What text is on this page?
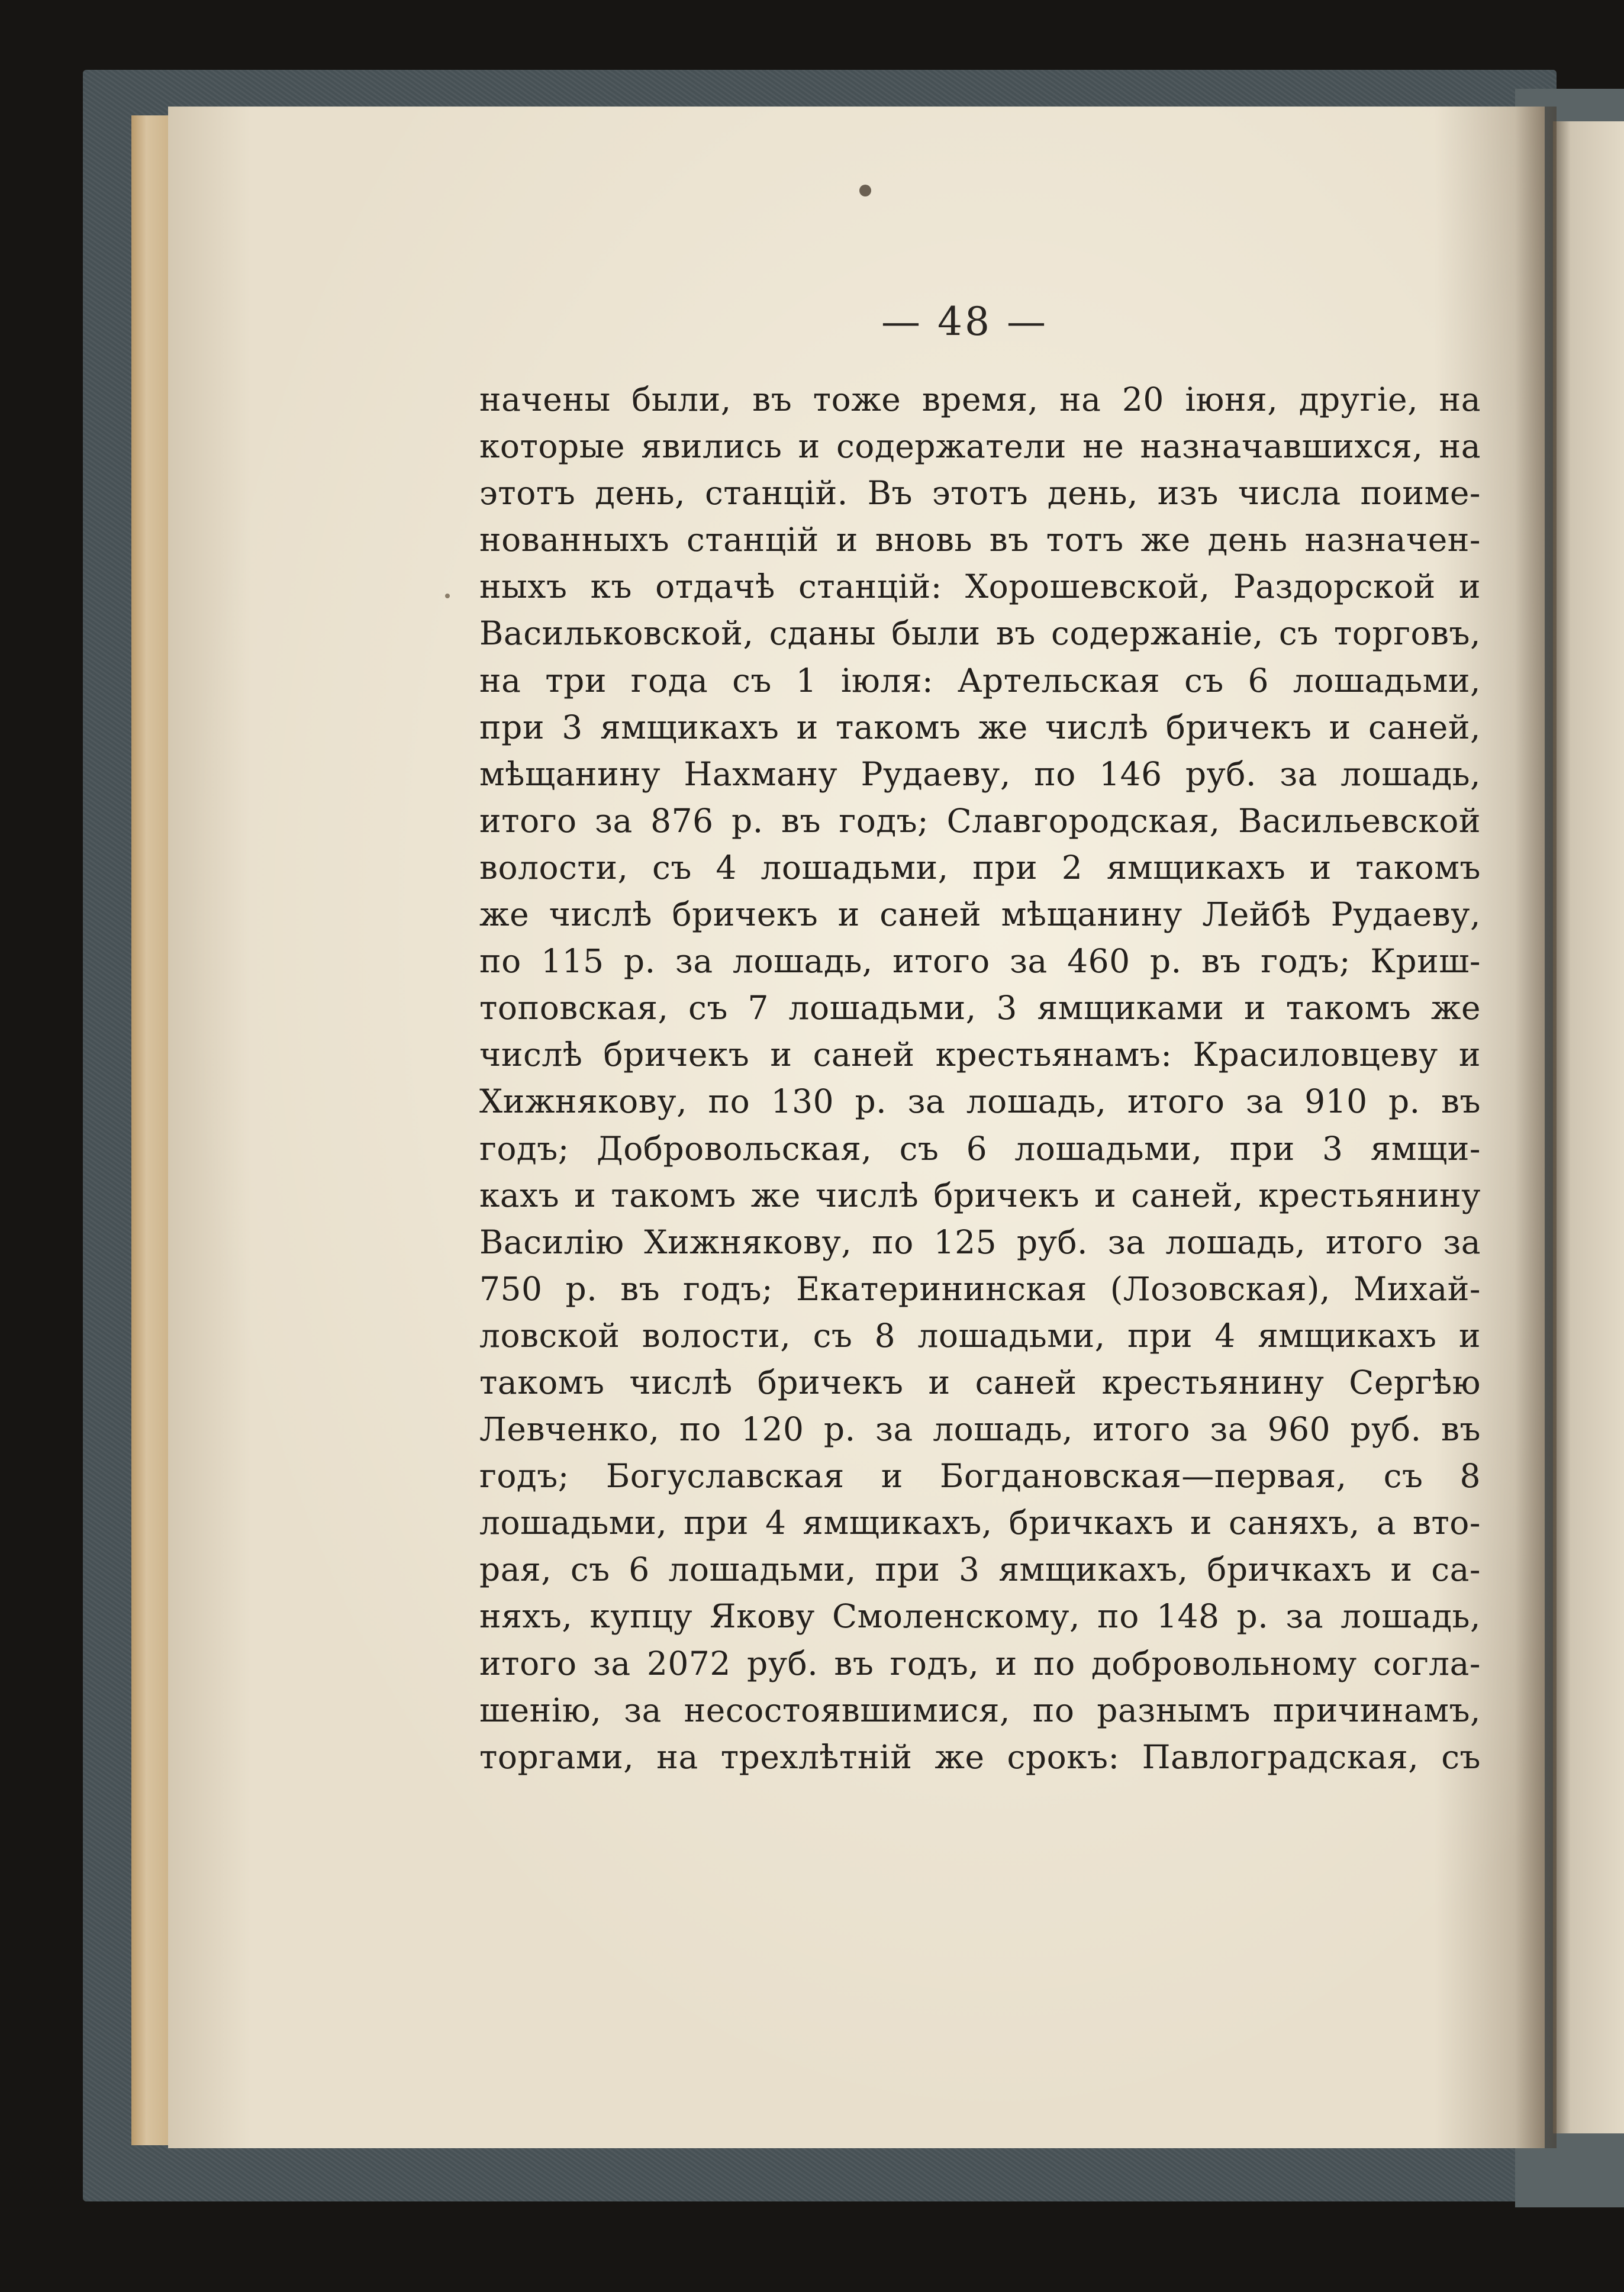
— 48 —
начены были, въ тоже время, на 20 іюня, другіе, на
которые явились и содержатели не назначавшихся, на
этотъ день, станцій. Въ этотъ день, изъ числа поиме-
нованныхъ станцій и вновь въ тотъ же день назначен-
ныхъ къ отдачѣ станцій: Хорошевской, Раздорской и
Васильковской, сданы были въ содержаніе, съ торговъ,
на три года съ 1 іюля: Артельская съ 6 лошадьми,
при 3 ямщикахъ и такомъ же числѣ бричекъ и саней,
мѣщанину Нахману Рудаеву, по 146 руб. за лошадь,
итого за 876 р. въ годъ; Славгородская, Васильевской
волости, съ 4 лошадьми, при 2 ямщикахъ и такомъ
же числѣ бричекъ и саней мѣщанину Лейбѣ Рудаеву,
по 115 р. за лошадь, итого за 460 р. въ годъ; Криш-
топовская, съ 7 лошадьми, 3 ямщиками и такомъ же
числѣ бричекъ и саней крестьянамъ: Красиловцеву и
Хижнякову, по 130 р. за лошадь, итого за 910 р. въ
годъ; Добровольская, съ 6 лошадьми, при 3 ямщи-
кахъ и такомъ же числѣ бричекъ и саней, крестьянину
Василію Хижнякову, по 125 руб. за лошадь, итого за
750 р. въ годъ; Екатерининская (Лозовская), Михай-
ловской волости, съ 8 лошадьми, при 4 ямщикахъ и
такомъ числѣ бричекъ и саней крестьянину Сергѣю
Левченко, по 120 р. за лошадь, итого за 960 руб. въ
годъ; Богуславская и Богдановская—первая, съ 8
лошадьми, при 4 ямщикахъ, бричкахъ и саняхъ, а вто-
рая, съ 6 лошадьми, при 3 ямщикахъ, бричкахъ и са-
няхъ, купцу Якову Смоленскому, по 148 р. за лошадь,
итого за 2072 руб. въ годъ, и по добровольному согла-
шенію, за несостоявшимися, по разнымъ причинамъ,
торгами, на трехлѣтній же срокъ: Павлоградская, съ
